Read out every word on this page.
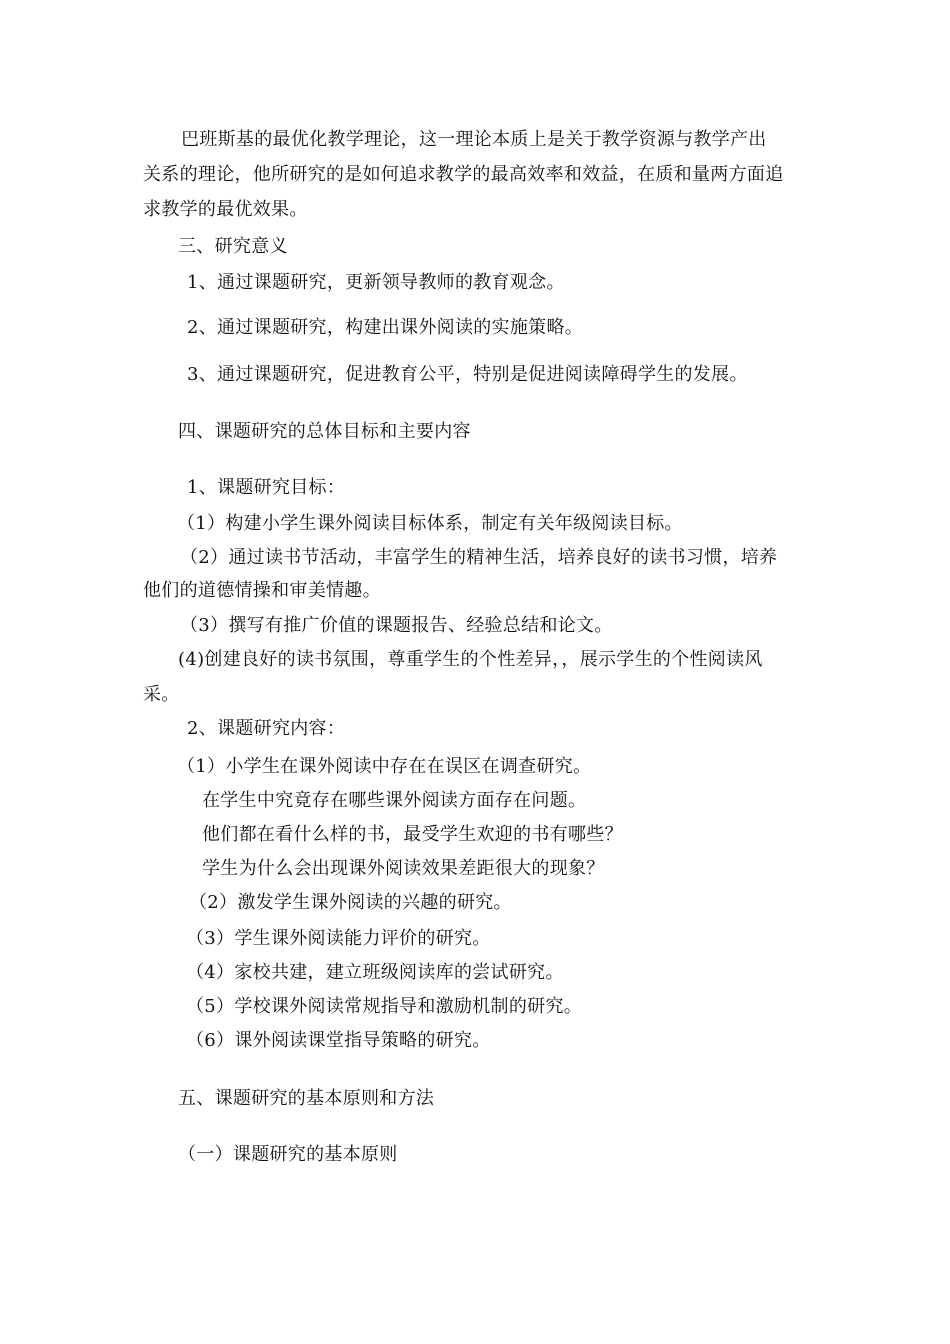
巴班斯基的最优化教学理论，这一理论本质上是关于教学资源与教学产出
关系的理论，他所研究的是如何追求教学的最高效率和效益，在质和量两方面追
求教学的最优效果。
三、研究意义
1、通过课题研究，更新领导教师的教育观念。
2、通过课题研究，构建出课外阅读的实施策略。
3、通过课题研究，促进教育公平，特别是促进阅读障碍学生的发展。
四、课题研究的总体目标和主要内容
1、课题研究目标：
（1）构建小学生课外阅读目标体系，制定有关年级阅读目标。
（2）通过读书节活动，丰富学生的精神生活，培养良好的读书习惯，培养
他们的道德情操和审美情趣。
（3）撰写有推广价值的课题报告、经验总结和论文。
(4)创建良好的读书氛围，尊重学生的个性差异，，展示学生的个性阅读风
采。
2、课题研究内容：
（1）小学生在课外阅读中存在在误区在调查研究。
在学生中究竟存在哪些课外阅读方面存在问题。
他们都在看什么样的书，最受学生欢迎的书有哪些？
学生为什么会出现课外阅读效果差距很大的现象？
（2）激发学生课外阅读的兴趣的研究。
（3）学生课外阅读能力评价的研究。
（4）家校共建，建立班级阅读库的尝试研究。
（5）学校课外阅读常规指导和激励机制的研究。
（6）课外阅读课堂指导策略的研究。
五、课题研究的基本原则和方法
（一）课题研究的基本原则
